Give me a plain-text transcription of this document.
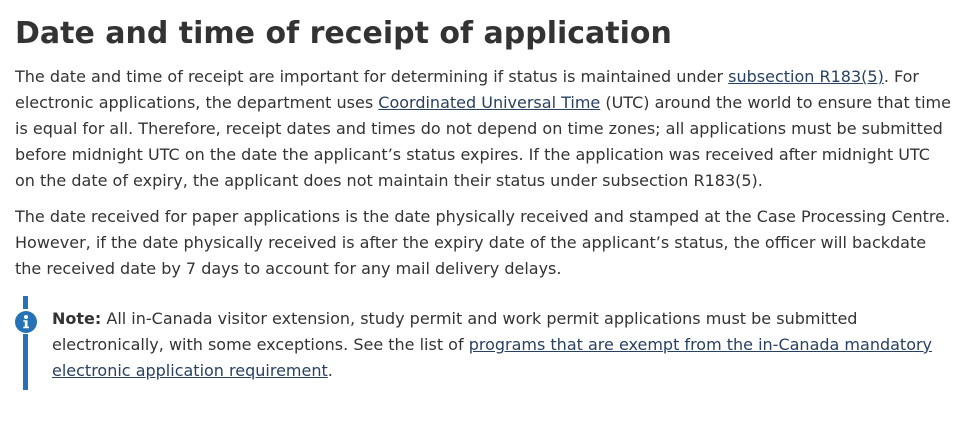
Date and time of receipt of application

The date and time of receipt are important for determining if status is maintained under subsection R183(5). For electronic applications, the department uses Coordinated Universal Time (UTC) around the world to ensure that time is equal for all. Therefore, receipt dates and times do not depend on time zones; all applications must be submitted before midnight UTC on the date the applicant’s status expires. If the application was received after midnight UTC on the date of expiry, the applicant does not maintain their status under subsection R183(5).

The date received for paper applications is the date physically received and stamped at the Case Processing Centre. However, if the date physically received is after the expiry date of the applicant’s status, the officer will backdate the received date by 7 days to account for any mail delivery delays.

Note: All in-Canada visitor extension, study permit and work permit applications must be submitted electronically, with some exceptions. See the list of programs that are exempt from the in-Canada mandatory electronic application requirement.
